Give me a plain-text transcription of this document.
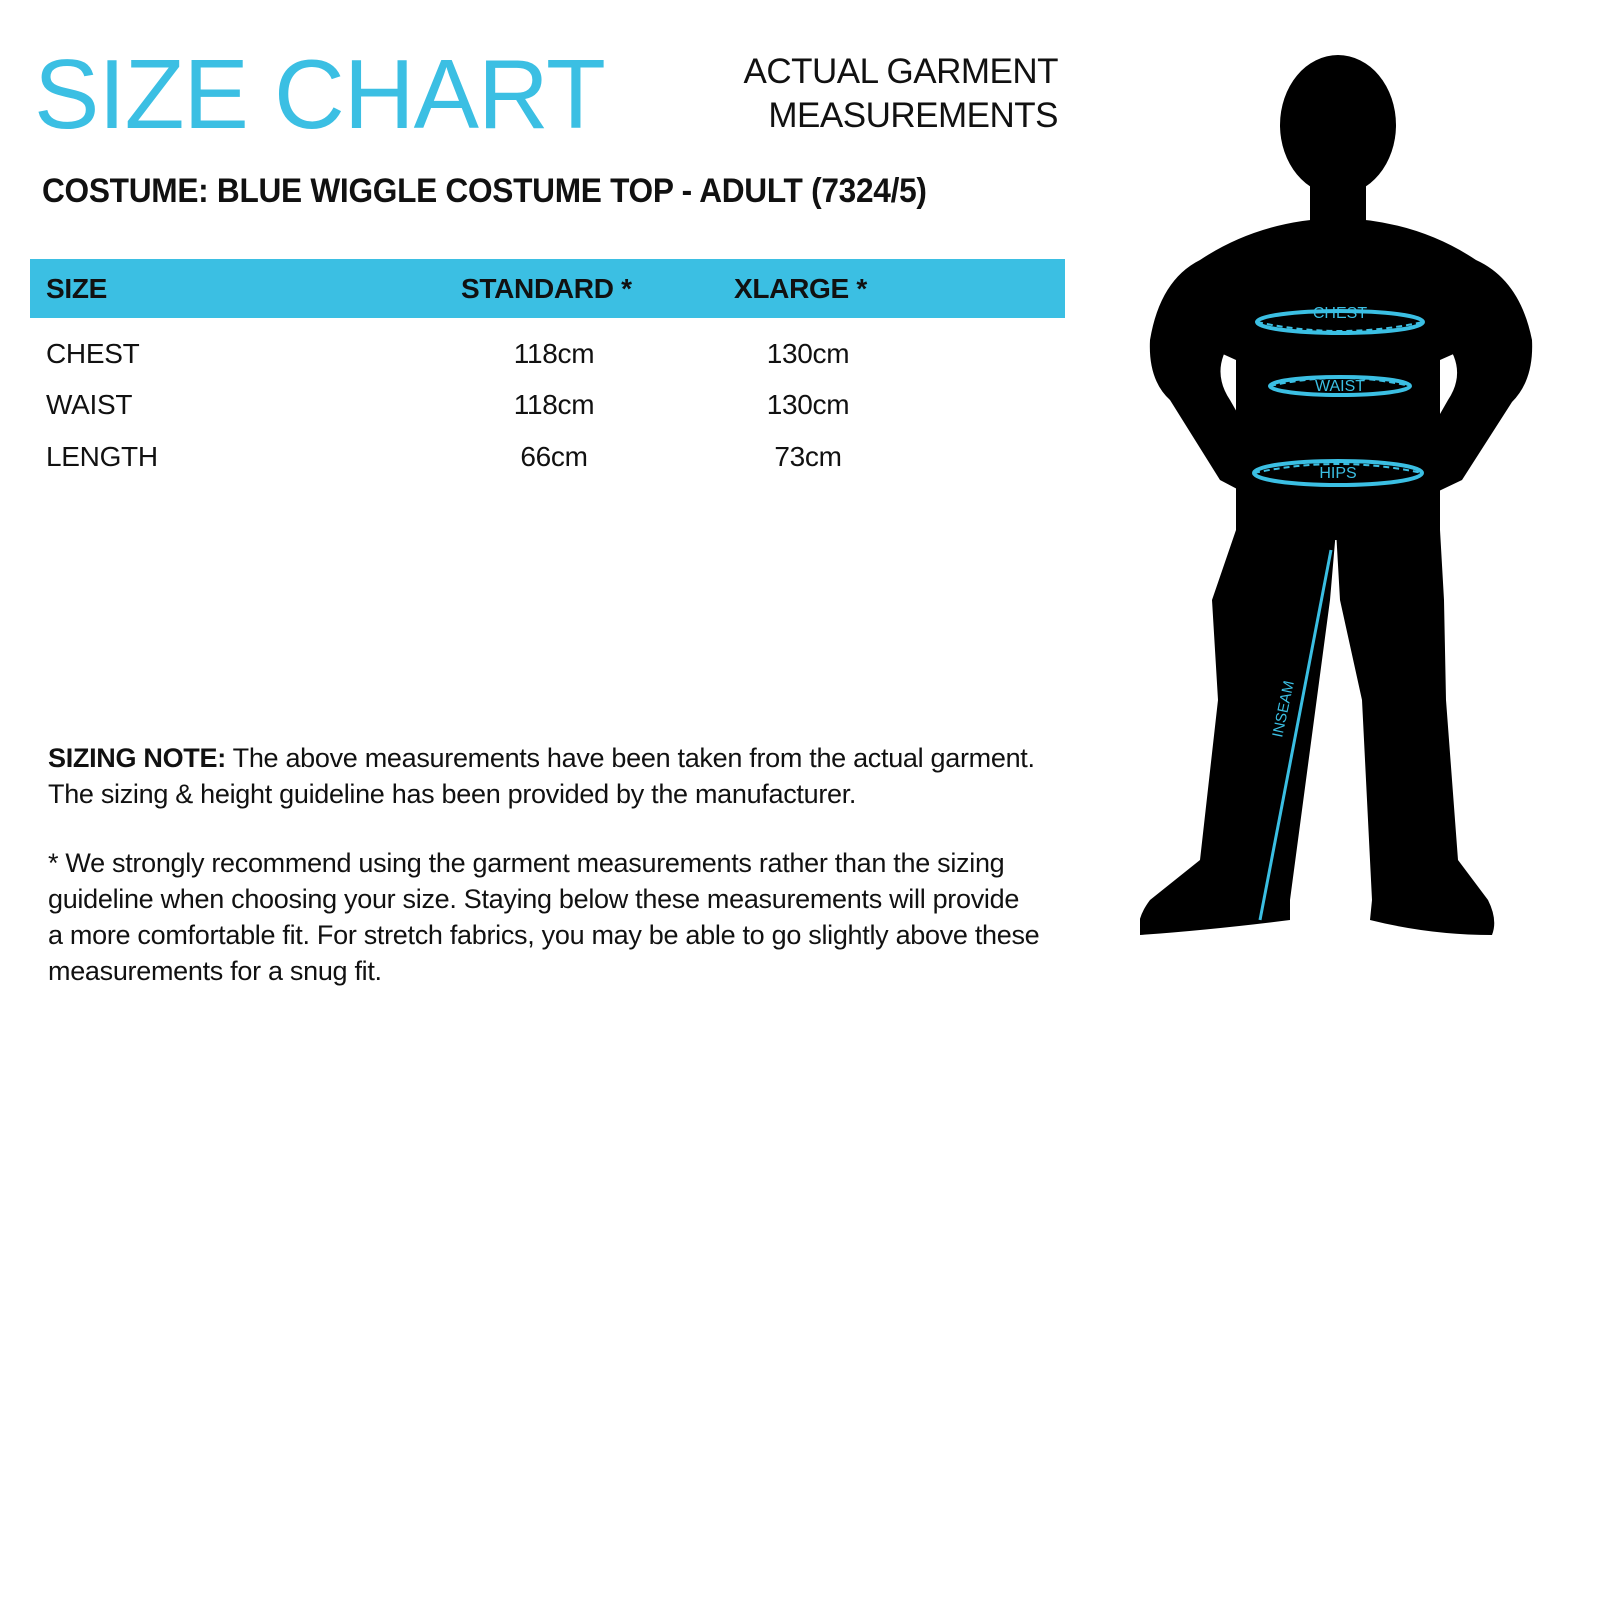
SIZE CHART	ACTUAL GARMENT
MEASUREMENTS
COSTUME: BLUE WIGGLE COSTUME TOP - ADULT (7324/5)
SIZE	STANDARD *	XLARGE *
CHEST	118cm	130cm
WAIST	118cm	130cm
LENGTH	66cm	73cm

SIZING NOTE: The above measurements have been taken from the actual garment.

The sizing & height guideline has been provided by the manufacturer.

* We strongly recommend using the garment measurements rather than the sizing

guideline when choosing your size. Staying below these measurements will provide

a more comfortable fit. For stretch fabrics, you may be able to go slightly above these

measurements for a snug fit.

CHEST
WAIST
HIPS
INSEAM
